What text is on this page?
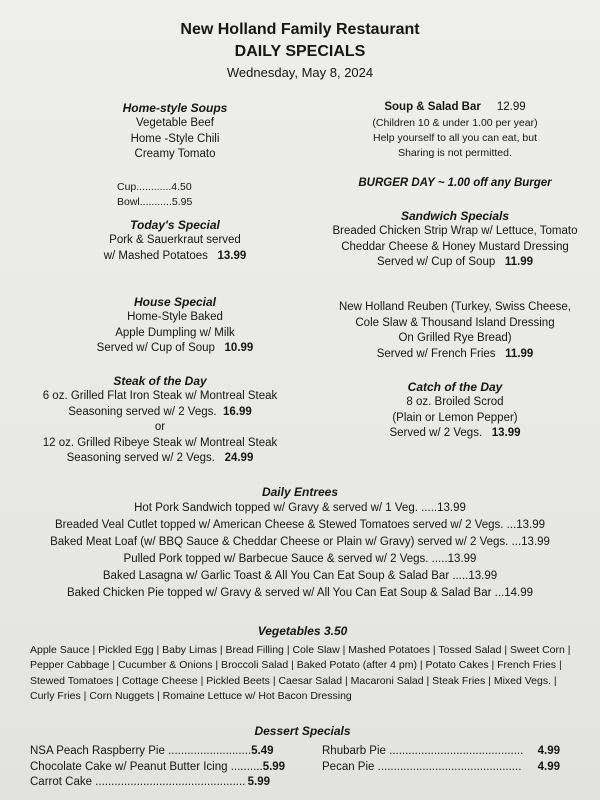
New Holland Family Restaurant
DAILY SPECIALS
Wednesday, May 8, 2024
Home-style Soups
Vegetable Beef
Home -Style Chili
Creamy Tomato
Cup............4.50
Bowl...........5.95
Soup & Salad Bar 12.99
(Children 10 & under 1.00 per year)
Help yourself to all you can eat, but
Sharing is not permitted.
BURGER DAY ~ 1.00 off any Burger
Today's Special
Pork & Sauerkraut served
w/ Mashed Potatoes 13.99
Sandwich Specials
Breaded Chicken Strip Wrap w/ Lettuce, Tomato
Cheddar Cheese & Honey Mustard Dressing
Served w/ Cup of Soup 11.99
House Special
Home-Style Baked
Apple Dumpling w/ Milk
Served w/ Cup of Soup 10.99
New Holland Reuben (Turkey, Swiss Cheese,
Cole Slaw & Thousand Island Dressing
On Grilled Rye Bread)
Served w/ French Fries 11.99
Steak of the Day
6 oz. Grilled Flat Iron Steak w/ Montreal Steak
Seasoning served w/ 2 Vegs. 16.99
or
12 oz. Grilled Ribeye Steak w/ Montreal Steak
Seasoning served w/ 2 Vegs. 24.99
Catch of the Day
8 oz. Broiled Scrod
(Plain or Lemon Pepper)
Served w/ 2 Vegs. 13.99
Daily Entrees
Hot Pork Sandwich topped w/ Gravy & served w/ 1 Veg. .....13.99
Breaded Veal Cutlet topped w/ American Cheese & Stewed Tomatoes served w/ 2 Vegs. ...13.99
Baked Meat Loaf (w/ BBQ Sauce & Cheddar Cheese or Plain w/ Gravy) served w/ 2 Vegs. ...13.99
Pulled Pork topped w/ Barbecue Sauce & served w/ 2 Vegs. .....13.99
Baked Lasagna w/ Garlic Toast & All You Can Eat Soup & Salad Bar .....13.99
Baked Chicken Pie topped w/ Gravy & served w/ All You Can Eat Soup & Salad Bar ...14.99
Vegetables 3.50
Apple Sauce | Pickled Egg | Baby Limas | Bread Filling | Cole Slaw | Mashed Potatoes | Tossed Salad | Sweet Corn | Pepper Cabbage | Cucumber & Onions | Broccoli Salad | Baked Potato (after 4 pm) | Potato Cakes | French Fries | Stewed Tomatoes | Cottage Cheese | Pickled Beets | Caesar Salad | Macaroni Salad | Steak Fries | Mixed Vegs. | Curly Fries | Corn Nuggets | Romaine Lettuce w/ Hot Bacon Dressing
Dessert Specials
NSA Peach Raspberry Pie .......................... 5.49
Chocolate Cake w/ Peanut Butter Icing .......... 5.99
Carrot Cake ............................................... 5.99
Rhubarb Pie .......................................... 4.99
Pecan Pie ............................................. 4.99
